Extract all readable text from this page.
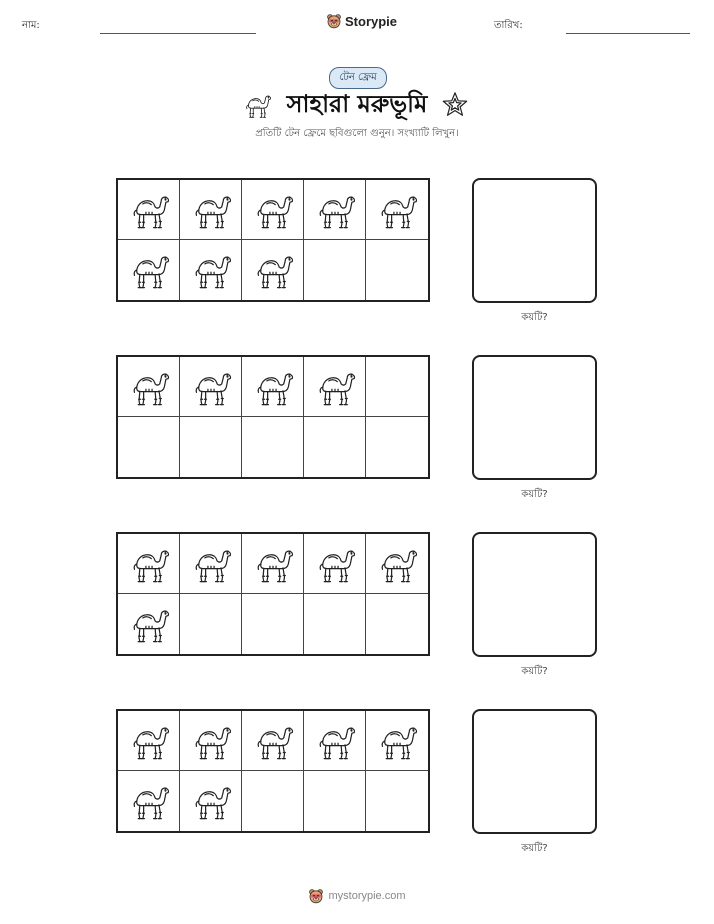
নাম:	Storypie	তারিখ:
টেন ফ্রেম
সাহারা মরুভূমি
প্রতিটি টেন ফ্রেমে ছবিগুলো গুনুন। সংখ্যাটি লিখুন।
কয়টি?
কয়টি?
কয়টি?
কয়টি?
mystorypie.com
